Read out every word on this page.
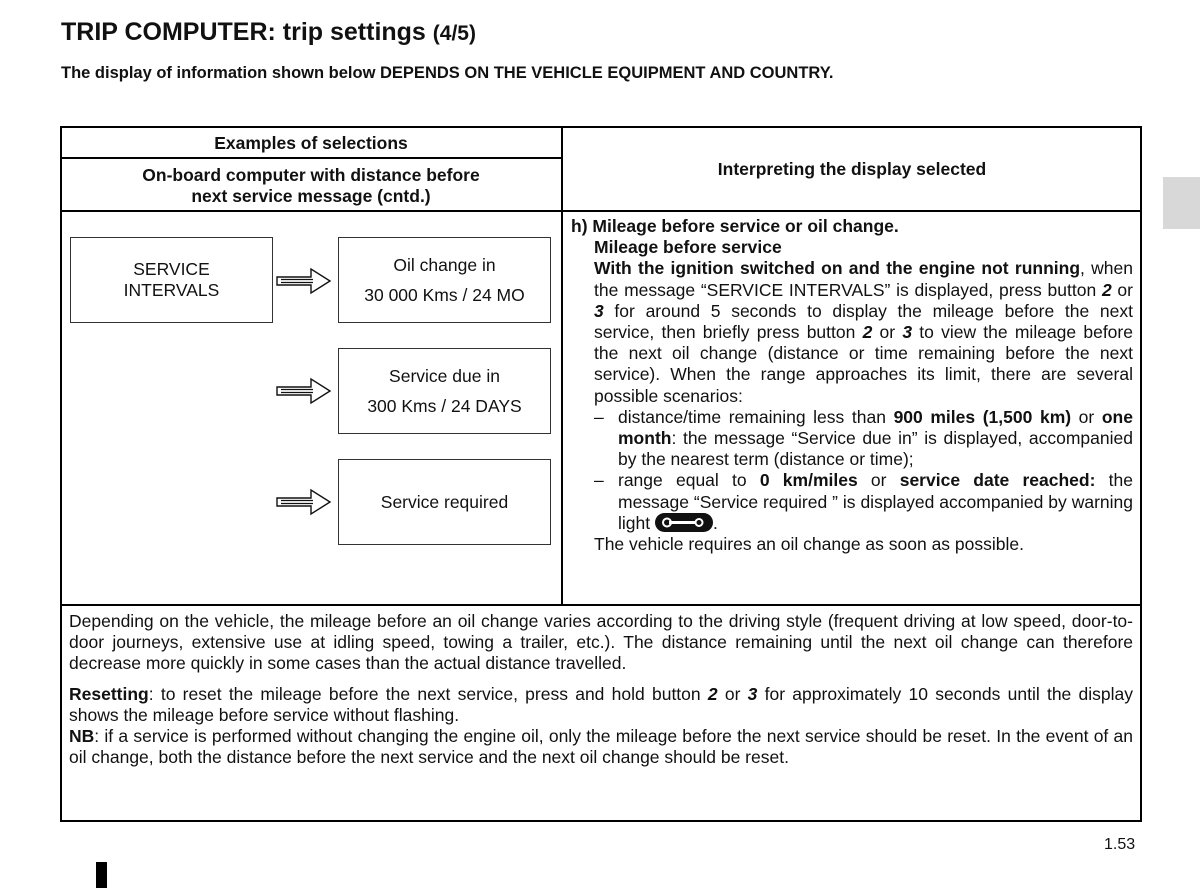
TRIP COMPUTER: trip settings (4/5)
The display of information shown below DEPENDS ON THE VEHICLE EQUIPMENT AND COUNTRY.
Examples of selections
On-board computer with distance before
next service message (cntd.)
Interpreting the display selected
SERVICE
INTERVALS
Oil change in
30 000 Kms / 24 MO
Service due in
300 Kms / 24 DAYS
Service required

h) Mileage before service or oil change.

Mileage before service

With the ignition switched on and the engine not running, when the message “SERVICE INTERVALS” is displayed, press button 2 or 3 for around 5 seconds to display the mileage before the next service, then briefly press button 2 or 3 to view the mileage before the next oil change (distance or time remaining before the next service). When the range approaches its limit, there are several possible scenarios:

– distance/time remaining less than 900 miles (1,500 km) or one month: the message “Service due in” is displayed, accompanied by the nearest term (distance or time);
– range equal to 0 km/miles or service date reached: the message “Service required ” is displayed accompanied by warning light	.

The vehicle requires an oil change as soon as possible.

Depending on the vehicle, the mileage before an oil change varies according to the driving style (frequent driving at low speed, door-to-door journeys, extensive use at idling speed, towing a trailer, etc.). The distance remaining until the next oil change can therefore decrease more quickly in some cases than the actual distance travelled.

Resetting: to reset the mileage before the next service, press and hold button 2 or 3 for approximately 10 seconds until the display shows the mileage before service without flashing.

NB: if a service is performed without changing the engine oil, only the mileage before the next service should be reset. In the event of an oil change, both the distance before the next service and the next oil change should be reset.

1.53
